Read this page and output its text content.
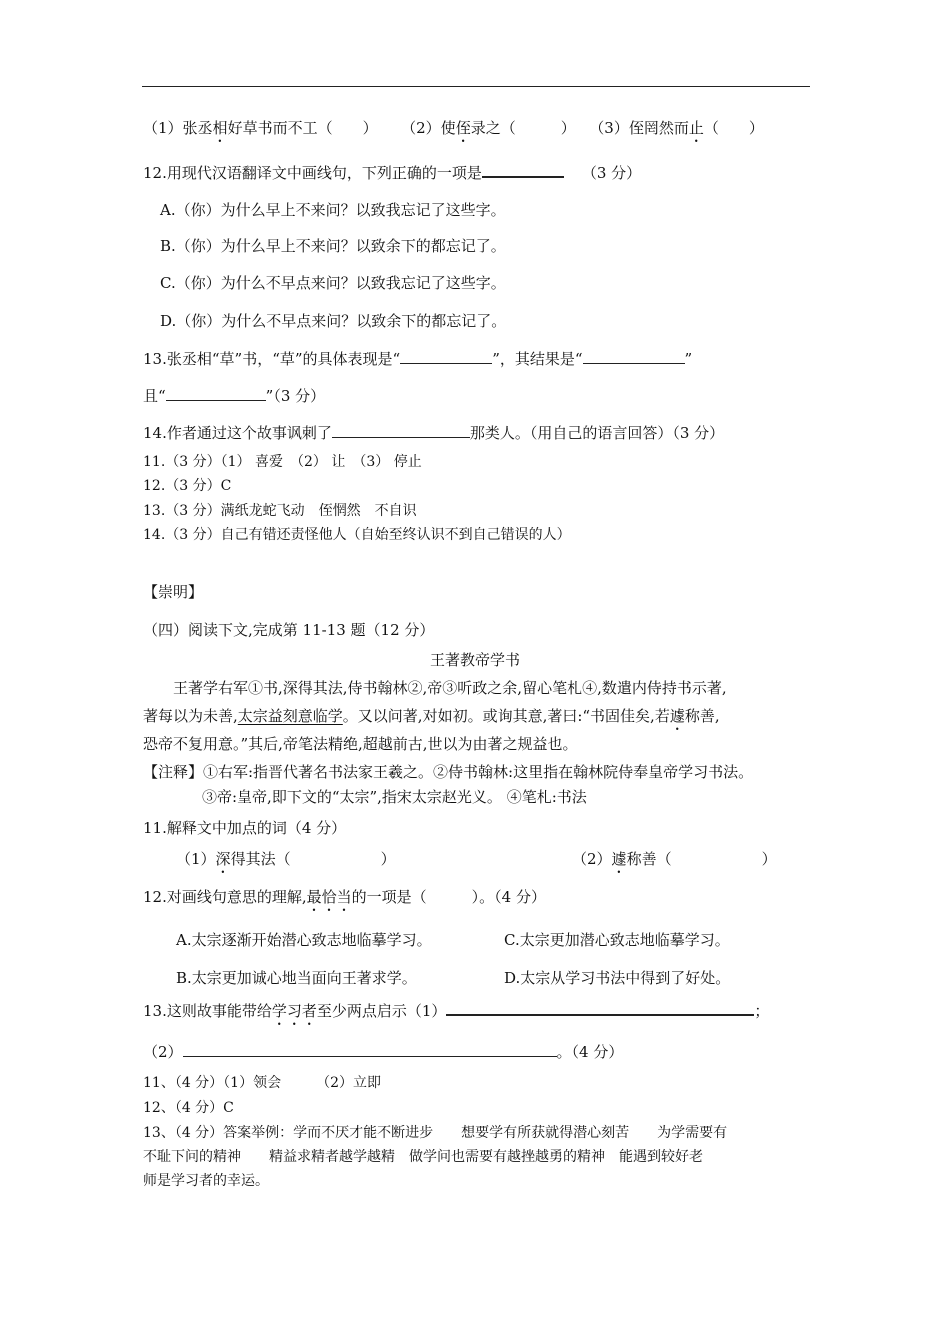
（1）张丞相好草书而不工（　　） （2）使侄录之（　　　） （3）侄罔然而止（　　）
12.用现代汉语翻译文中画线句，下列正确的一项是	（3 分）
A.（你）为什么早上不来问？以致我忘记了这些字。
B.（你）为什么早上不来问？以致余下的都忘记了。
C.（你）为什么不早点来问？以致我忘记了这些字。
D.（你）为什么不早点来问？以致余下的都忘记了。
13.张丞相“草”书，“草”的具体表现是“	”，其结果是“	”
且“	”（3 分）
14.作者通过这个故事讽刺了	那类人。（用自己的语言回答）（3 分）
11.（3 分）（1） 喜爱　（2） 让　（3） 停止
12.（3 分）C
13.（3 分）满纸龙蛇飞动　侄惘然　不自识
14.（3 分）自己有错还责怪他人（自始至终认识不到自己错误的人）
【崇明】
（四）阅读下文,完成第 11-13 题（12 分）
王著教帝学书
　　王著学右军①书,深得其法,侍书翰林②,帝③听政之余,留心笔札④,数遣内侍持书示著,
著每以为未善,太宗益刻意临学。又以问著,对如初。或询其意,著曰:“书固佳矣,若遽称善,
恐帝不复用意。”其后,帝笔法精绝,超越前古,世以为由著之规益也。
【注释】①右军:指晋代著名书法家王羲之。②侍书翰林:这里指在翰林院侍奉皇帝学习书法。
③帝:皇帝,即下文的“太宗”,指宋太宗赵光义。 ④笔札:书法
11.解释文中加点的词（4 分）
（1）深得其法（　　　　　　）	（2）遽称善（　　　　　　）
12.对画线句意思的理解,最恰当的一项是（　　　）。（4 分）
A.太宗逐渐开始潜心致志地临摹学习。	C.太宗更加潜心致志地临摹学习。
B.太宗更加诚心地当面向王著求学。	D.太宗从学习书法中得到了好处。
13.这则故事能带给学习者至少两点启示（1）	；
（2）	。（4 分）
11、（4 分）（1）领会　　　（2）立即
12、（4 分）C
13、（4 分）答案举例：学而不厌才能不断进步　　想要学有所获就得潜心刻苦　　为学需要有
不耻下问的精神　　精益求精者越学越精　做学问也需要有越挫越勇的精神　能遇到较好老
师是学习者的幸运。
